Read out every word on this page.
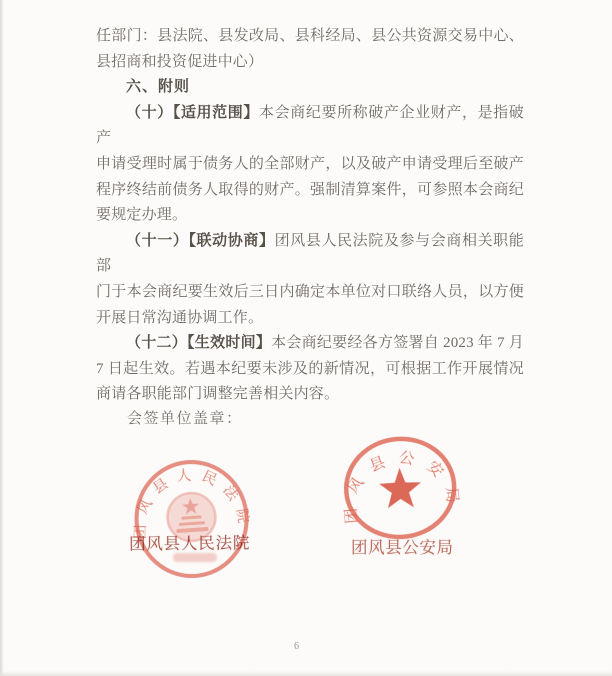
任部门：县法院、县发改局、县科经局、县公共资源交易中心、
县招商和投资促进中心）
六、附则
（十）【适用范围】本会商纪要所称破产企业财产，是指破产
申请受理时属于债务人的全部财产，以及破产申请受理后至破产
程序终结前债务人取得的财产。强制清算案件，可参照本会商纪
要规定办理。
（十一）【联动协商】团风县人民法院及参与会商相关职能部
门于本会商纪要生效后三日内确定本单位对口联络人员，以方便
开展日常沟通协调工作。
（十二）【生效时间】本会商纪要经各方签署自 2023 年 7 月
7 日起生效。若遇本纪要未涉及的新情况，可根据工作开展情况
商请各职能部门调整完善相关内容。
会签单位盖章：
团风县人民法院
团风县人民法院
团风县公安局
团风县公安局
6
